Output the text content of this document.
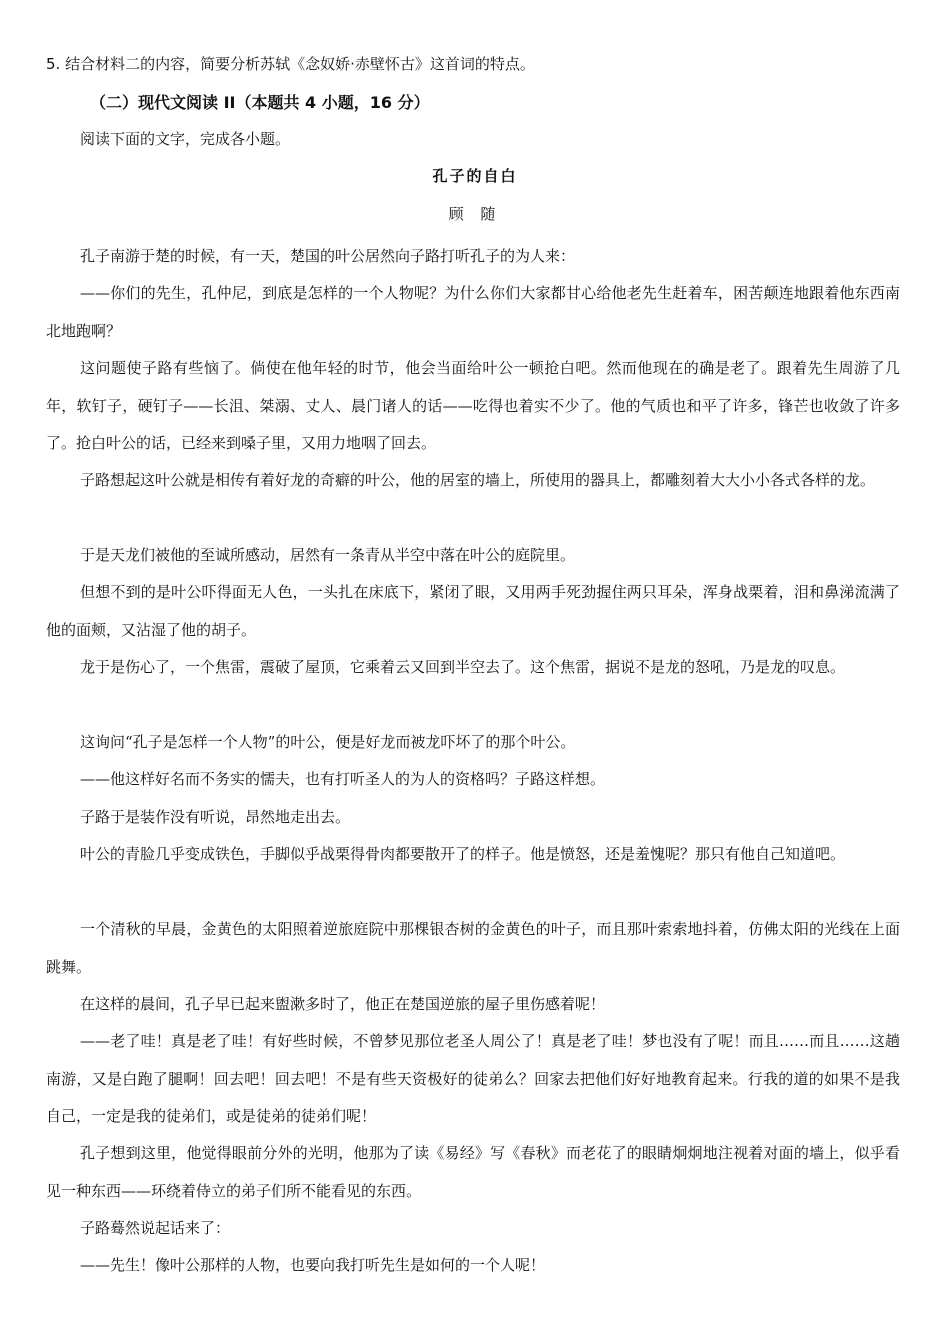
5. 结合材料二的内容，简要分析苏轼《念奴娇·赤壁怀古》这首词的特点。
（二）现代文阅读 II（本题共 4 小题，16 分）
阅读下面的文字，完成各小题。
孔子的自白
顾 随

孔子南游于楚的时候，有一天，楚国的叶公居然向子路打听孔子的为人来：

——你们的先生，孔仲尼，到底是怎样的一个人物呢？为什么你们大家都甘心给他老先生赶着车，困苦颠连地跟着他东西南北地跑啊？

这问题使子路有些恼了。倘使在他年轻的时节，他会当面给叶公一顿抢白吧。然而他现在的确是老了。跟着先生周游了几年，软钉子，硬钉子——长沮、桀溺、丈人、晨门诸人的话——吃得也着实不少了。他的气质也和平了许多，锋芒也收敛了许多了。抢白叶公的话，已经来到嗓子里，又用力地咽了回去。

子路想起这叶公就是相传有着好龙的奇癖的叶公，他的居室的墙上，所使用的器具上，都雕刻着大大小小各式各样的龙。

于是天龙们被他的至诚所感动，居然有一条青从半空中落在叶公的庭院里。

但想不到的是叶公吓得面无人色，一头扎在床底下，紧闭了眼，又用两手死劲握住两只耳朵，浑身战栗着，泪和鼻涕流满了他的面颊，又沾湿了他的胡子。

龙于是伤心了，一个焦雷，震破了屋顶，它乘着云又回到半空去了。这个焦雷，据说不是龙的怒吼，乃是龙的叹息。

这询问“孔子是怎样一个人物”的叶公，便是好龙而被龙吓坏了的那个叶公。

——他这样好名而不务实的懦夫，也有打听圣人的为人的资格吗？子路这样想。

子路于是装作没有听说，昂然地走出去。

叶公的青脸几乎变成铁色，手脚似乎战栗得骨肉都要散开了的样子。他是愤怒，还是羞愧呢？那只有他自己知道吧。

一个清秋的早晨，金黄色的太阳照着逆旅庭院中那棵银杏树的金黄色的叶子，而且那叶索索地抖着，仿佛太阳的光线在上面跳舞。

在这样的晨间，孔子早已起来盥漱多时了，他正在楚国逆旅的屋子里伤感着呢！

——老了哇！真是老了哇！有好些时候，不曾梦见那位老圣人周公了！真是老了哇！梦也没有了呢！而且……而且……这趟南游，又是白跑了腿啊！回去吧！回去吧！不是有些天资极好的徒弟么？回家去把他们好好地教育起来。行我的道的如果不是我自己，一定是我的徒弟们，或是徒弟的徒弟们呢！

孔子想到这里，他觉得眼前分外的光明，他那为了读《易经》写《春秋》而老花了的眼睛炯炯地注视着对面的墙上，似乎看见一种东西——环绕着侍立的弟子们所不能看见的东西。

子路蓦然说起话来了：

——先生！像叶公那样的人物，也要向我打听先生是如何的一个人呢！
